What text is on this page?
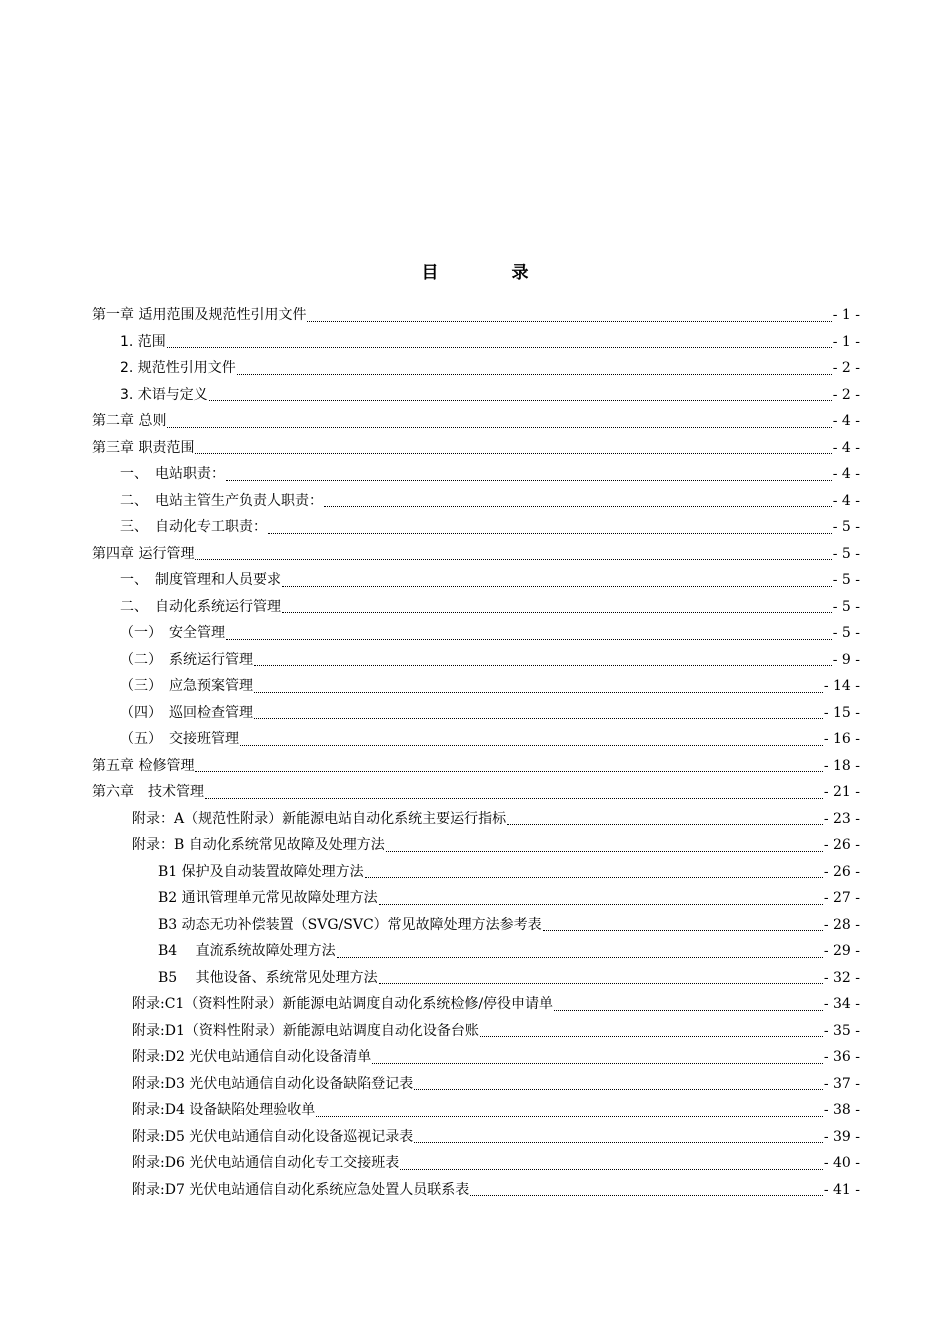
目　录
第一章 适用范围及规范性引用文件	- 1 -
1. 范围	- 1 -
2. 规范性引用文件	- 2 -
3. 术语与定义	- 2 -
第二章 总则	- 4 -
第三章 职责范围	- 4 -
一、　电站职责：	- 4 -
二、　电站主管生产负责人职责：	- 4 -
三、　自动化专工职责：	- 5 -
第四章 运行管理	- 5 -
一、　制度管理和人员要求	- 5 -
二、　自动化系统运行管理	- 5 -
（一）　安全管理	- 5 -
（二）　系统运行管理	- 9 -
（三）　应急预案管理	- 14 -
（四）　巡回检查管理	- 15 -
（五）　交接班管理	- 16 -
第五章 检修管理	- 18 -
第六章　技术管理	- 21 -
附录：A（规范性附录）新能源电站自动化系统主要运行指标	- 23 -
附录：B 自动化系统常见故障及处理方法	- 26 -
B1 保护及自动装置故障处理方法	- 26 -
B2 通讯管理单元常见故障处理方法	- 27 -
B3 动态无功补偿装置（SVG/SVC）常见故障处理方法参考表	- 28 -
B4　 直流系统故障处理方法	- 29 -
B5　 其他设备、系统常见处理方法	- 32 -
附录:C1（资料性附录）新能源电站调度自动化系统检修/停役申请单	- 34 -
附录:D1（资料性附录）新能源电站调度自动化设备台账	- 35 -
附录:D2 光伏电站通信自动化设备清单	- 36 -
附录:D3 光伏电站通信自动化设备缺陷登记表	- 37 -
附录:D4 设备缺陷处理验收单	- 38 -
附录:D5 光伏电站通信自动化设备巡视记录表	- 39 -
附录:D6 光伏电站通信自动化专工交接班表	- 40 -
附录:D7 光伏电站通信自动化系统应急处置人员联系表	- 41 -
